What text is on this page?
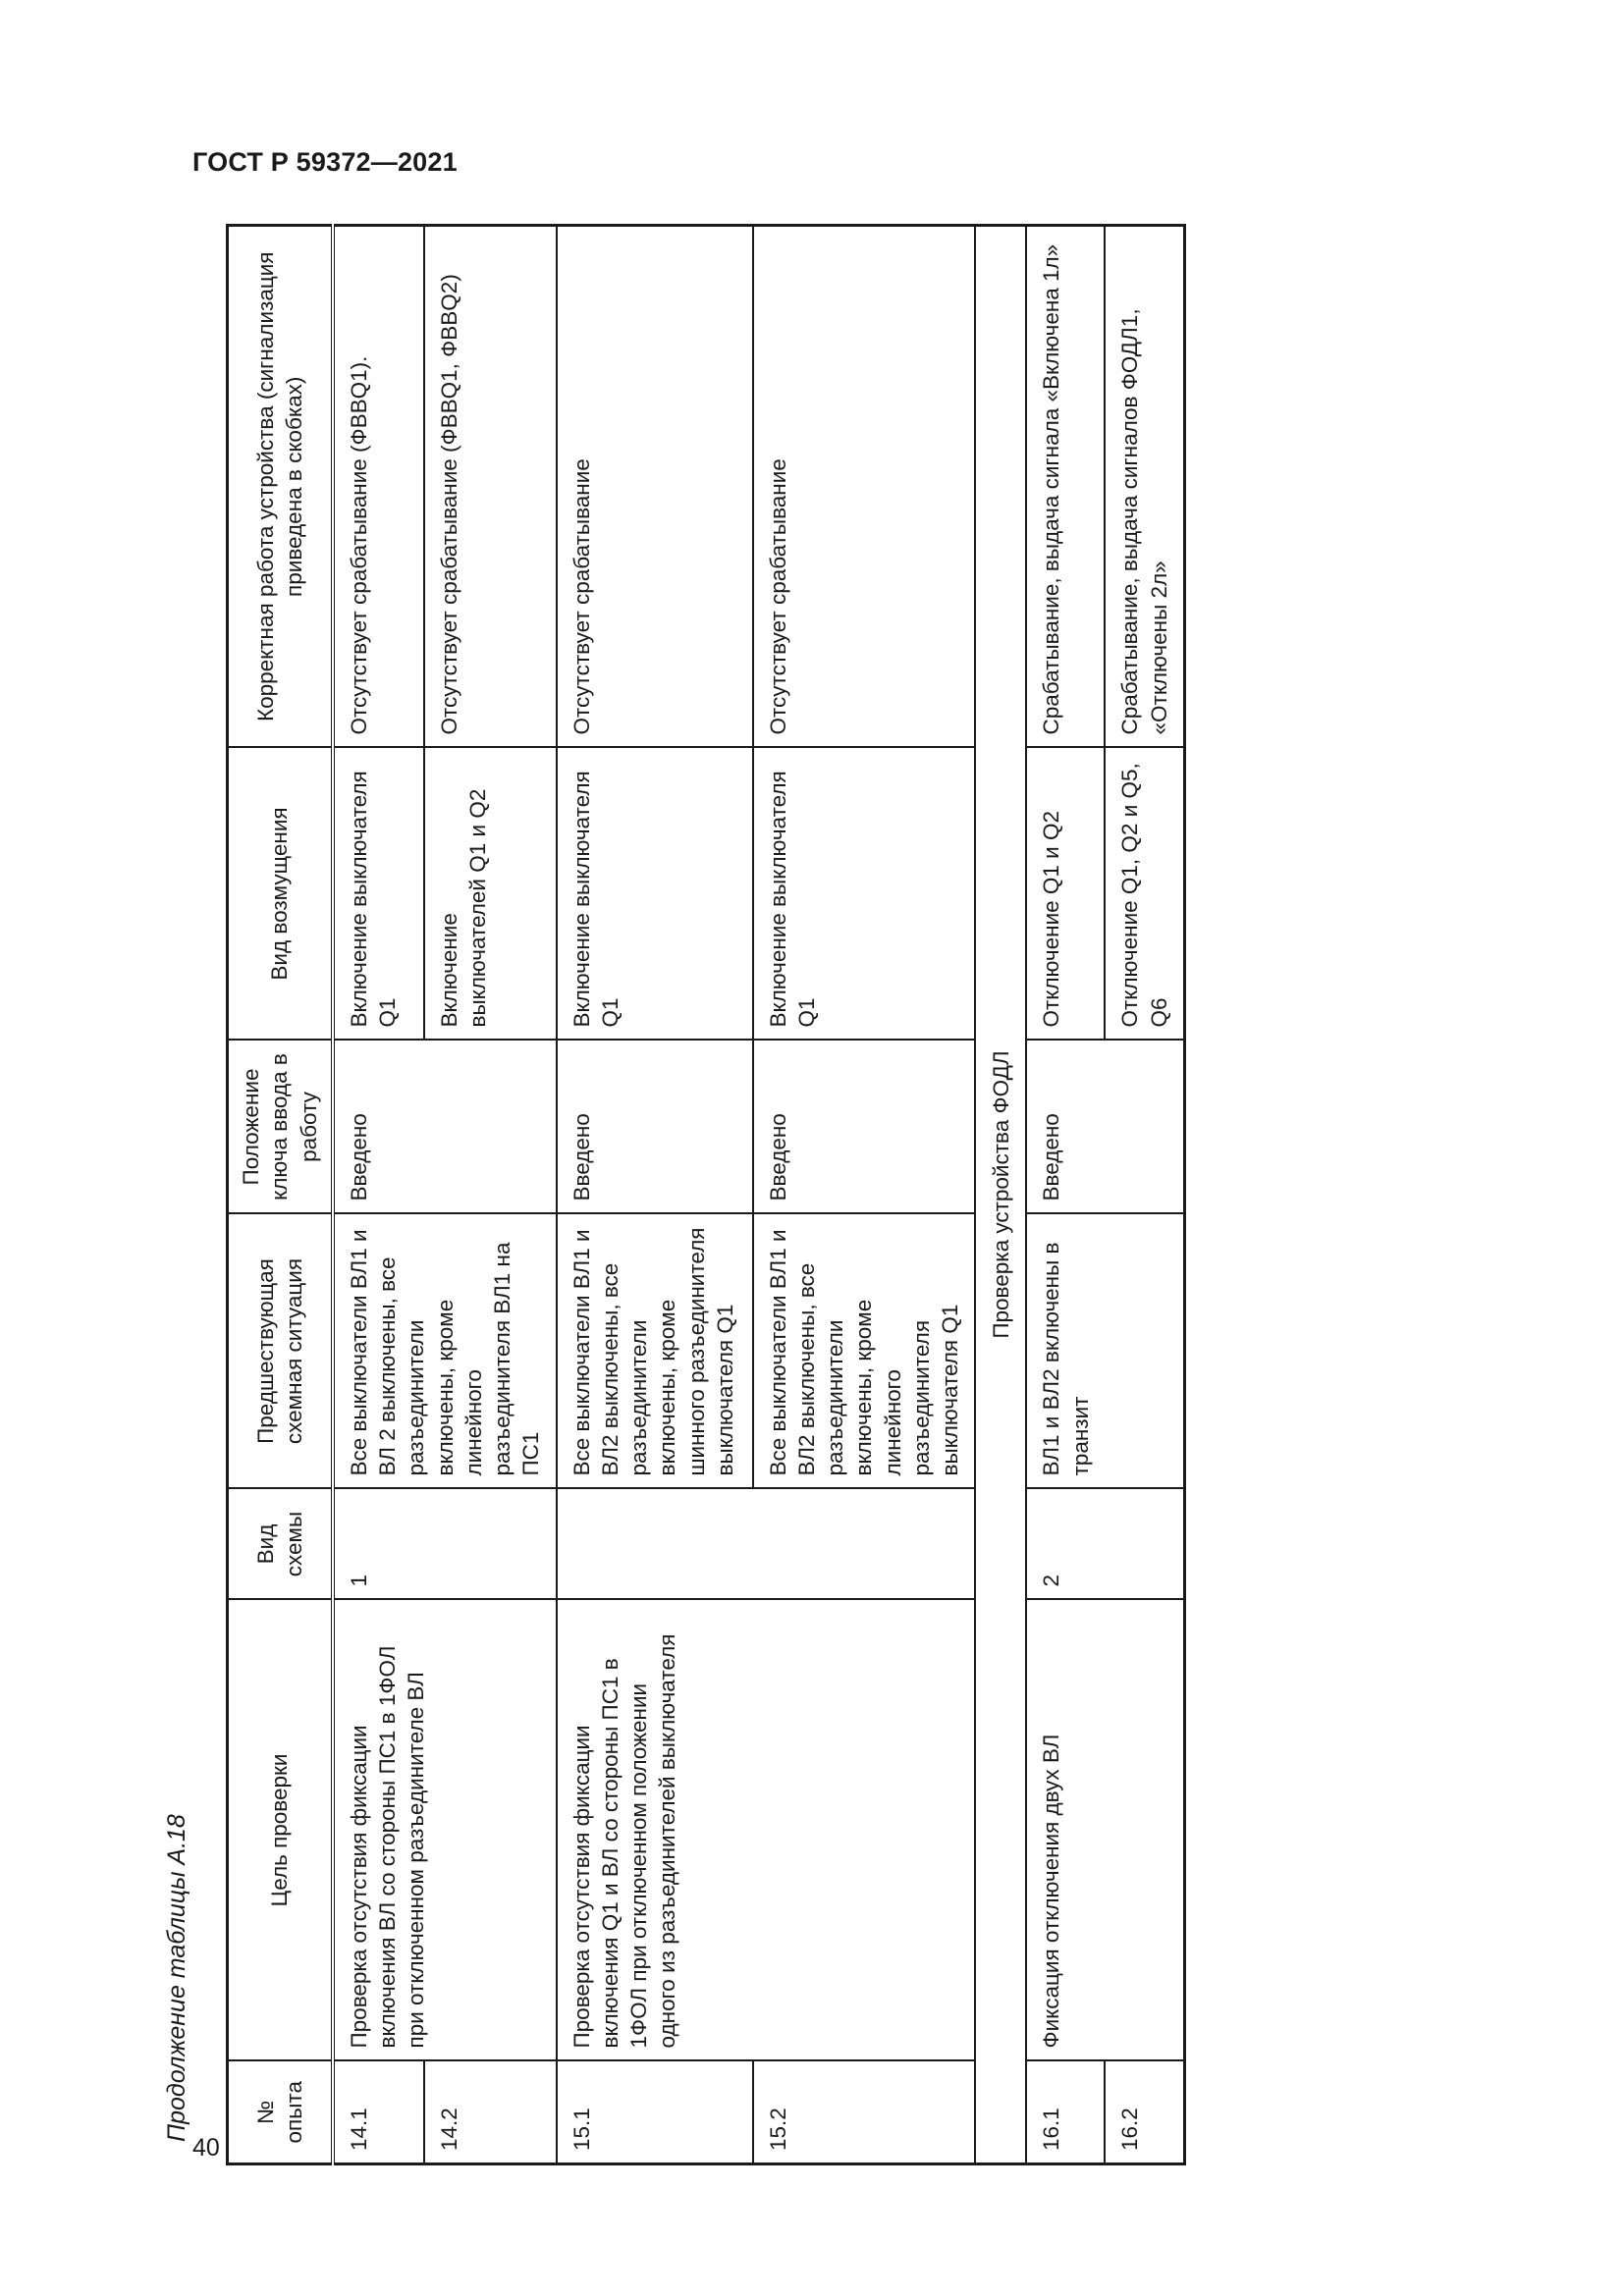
ГОСТ Р 59372—2021
40
Продолжение таблицы А.18	№ опыта	Цель проверки	Вид схемы	Предшествующая схемная ситуация	Положение ключа ввода в работу	Вид возмущения	Корректная работа устройства (сигнализация приведена в скобках)
14.1	Проверка отсутствия фиксации включения ВЛ со стороны ПС1 в 1ФОЛ при отключенном разъединителе ВЛ	1	Все выключатели ВЛ1 и ВЛ 2 выключены, все разъединители включены, кроме линейного разъединителя ВЛ1 на ПС1	Введено	Включение выключателя Q1	Отсутствует срабатывание (ФВВQ1).
14.2					Включение выключателей Q1 и Q2	Отсутствует срабатывание (ФВВQ1, ФВВQ2)
15.1	Проверка отсутствия фиксации включения Q1 и ВЛ со стороны ПС1 в 1ФОЛ при отключенном положении одного из разъединителей выключателя		Все выключатели ВЛ1 и ВЛ2 выключены, все разъединители включены, кроме шинного разъединителя выключателя Q1	Введено	Включение выключателя Q1	Отсутствует срабатывание
15.2			Все выключатели ВЛ1 и ВЛ2 выключены, все разъединители включены, кроме линейного разъединителя выключателя Q1	Введено	Включение выключателя Q1	Отсутствует срабатывание
Проверка устройства ФОДЛ						
16.1	Фиксация отключения двух ВЛ	2	ВЛ1 и ВЛ2 включены в транзит	Введено	Отключение Q1 и Q2	Срабатывание, выдача сигнала «Включена 1л»
16.2					Отключение Q1, Q2 и Q5, Q6	Срабатывание, выдача сигналов ФОДЛ1, «Отключены 2л»
